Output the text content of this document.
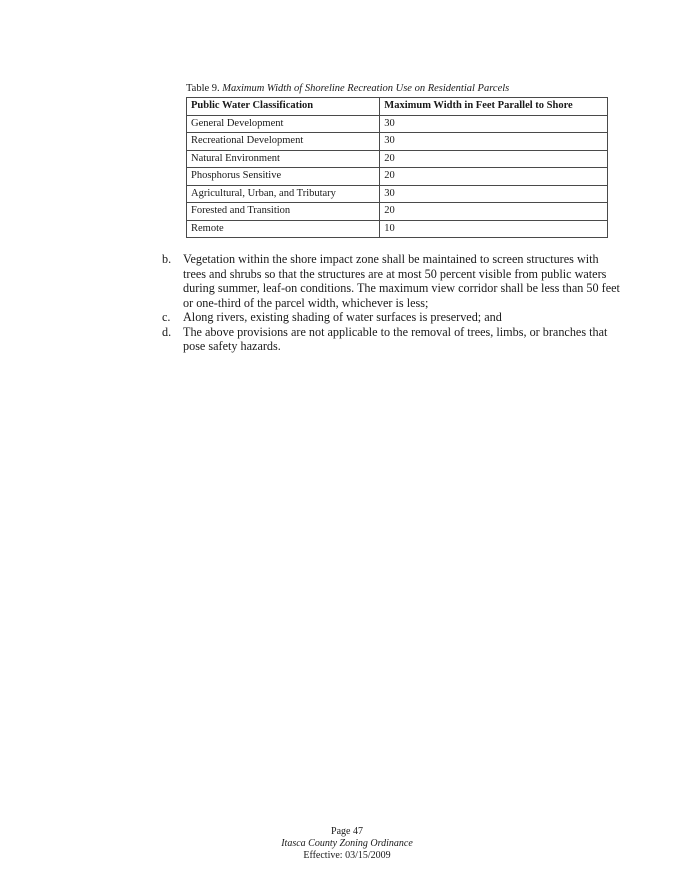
Table 9. Maximum Width of Shoreline Recreation Use on Residential Parcels
Public Water Classification	Maximum Width in Feet Parallel to Shore
General Development	30
Recreational Development	30
Natural Environment	20
Phosphorus Sensitive	20
Agricultural, Urban, and Tributary	30
Forested and Transition	20
Remote	10
b. Vegetation within the shore impact zone shall be maintained to screen structures with trees and shrubs so that the structures are at most 50 percent visible from public waters during summer, leaf-on conditions. The maximum view corridor shall be less than 50 feet or one-third of the parcel width, whichever is less;
c. Along rivers, existing shading of water surfaces is preserved; and
d. The above provisions are not applicable to the removal of trees, limbs, or branches that pose safety hazards.
Page 47
Itasca County Zoning Ordinance
Effective: 03/15/2009
